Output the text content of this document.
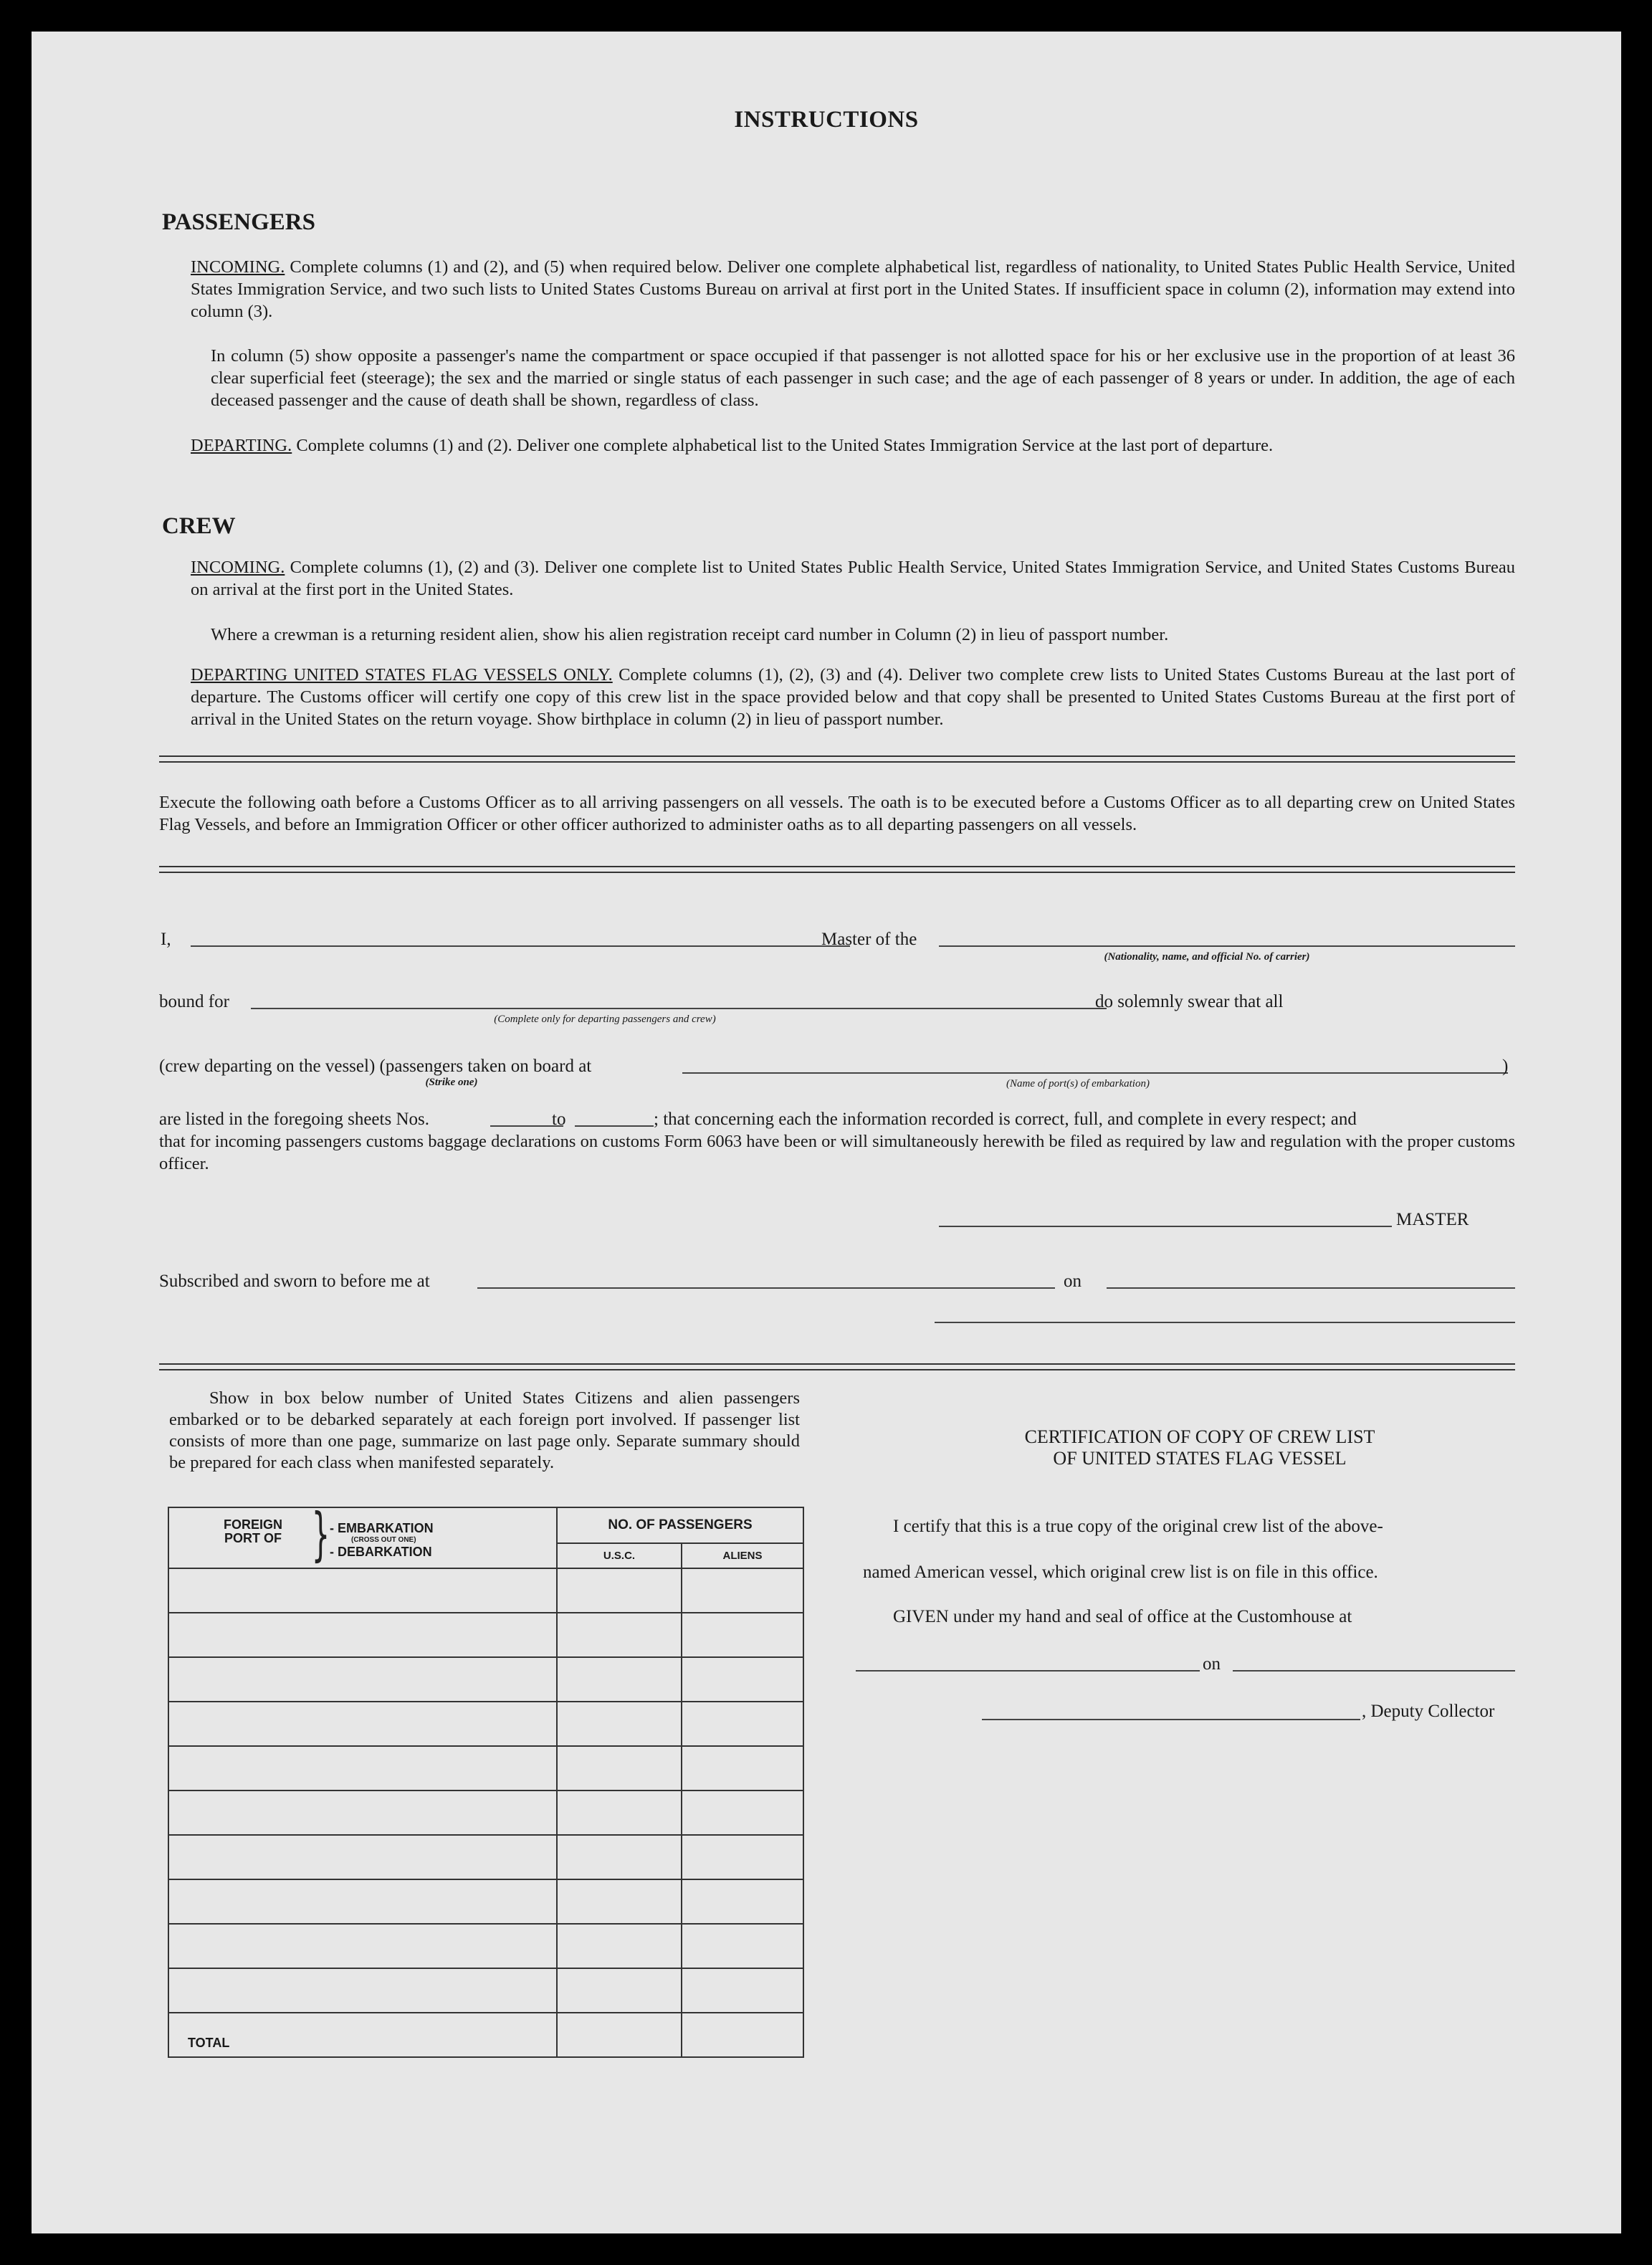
INSTRUCTIONS
PASSENGERS
INCOMING. Complete columns (1) and (2), and (5) when required below. Deliver one complete alphabetical list, regardless of nationality, to United States Public Health Service, United States Immigration Service, and two such lists to United States Customs Bureau on arrival at first port in the United States. If insufficient space in column (2), information may extend into column (3).
In column (5) show opposite a passenger's name the compartment or space occupied if that passenger is not allotted space for his or her exclusive use in the proportion of at least 36 clear superficial feet (steerage); the sex and the married or single status of each passenger in such case; and the age of each passenger of 8 years or under. In addition, the age of each deceased passenger and the cause of death shall be shown, regardless of class.
DEPARTING. Complete columns (1) and (2). Deliver one complete alphabetical list to the United States Immigration Service at the last port of departure.
CREW
INCOMING. Complete columns (1), (2) and (3). Deliver one complete list to United States Public Health Service, United States Immigration Service, and United States Customs Bureau on arrival at the first port in the United States.
Where a crewman is a returning resident alien, show his alien registration receipt card number in Column (2) in lieu of passport number.
DEPARTING UNITED STATES FLAG VESSELS ONLY. Complete columns (1), (2), (3) and (4). Deliver two complete crew lists to United States Customs Bureau at the last port of departure. The Customs officer will certify one copy of this crew list in the space provided below and that copy shall be presented to United States Customs Bureau at the first port of arrival in the United States on the return voyage. Show birthplace in column (2) in lieu of passport number.
Execute the following oath before a Customs Officer as to all arriving passengers on all vessels. The oath is to be executed before a Customs Officer as to all departing crew on United States Flag Vessels, and before an Immigration Officer or other officer authorized to administer oaths as to all departing passengers on all vessels.
I,	Master of the
(Nationality, name, and official No. of carrier)
bound for
(Complete only for departing passengers and crew)
do solemnly swear that all
(crew departing on the vessel) (passengers taken on board at
(Strike one)	(Name of port(s) of embarkation)
)
are listed in the foregoing sheets Nos.	to	; that concerning each the information recorded is correct, full, and complete in every respect; and
that for incoming passengers customs baggage declarations on customs Form 6063 have been or will simultaneously herewith be filed as required by law and regulation with the proper customs officer.
MASTER
Subscribed and sworn to before me at	on
Show in box below number of United States Citizens and alien passengers embarked or to be debarked separately at each foreign port involved. If passenger list consists of more than one page, summarize on last page only. Separate summary should be prepared for each class when manifested separately.
FOREIGN PORT OF } - EMBARKATION
(CROSS OUT ONE)
- DEBARKATION	NO. OF PASSENGERS	
	U.S.C.	ALIENS

TOTAL		
CERTIFICATION OF COPY OF CREW LIST
OF UNITED STATES FLAG VESSEL
I certify that this is a true copy of the original crew list of the above-
named American vessel, which original crew list is on file in this office.
GIVEN under my hand and seal of office at the Customhouse at
on
, Deputy Collector
